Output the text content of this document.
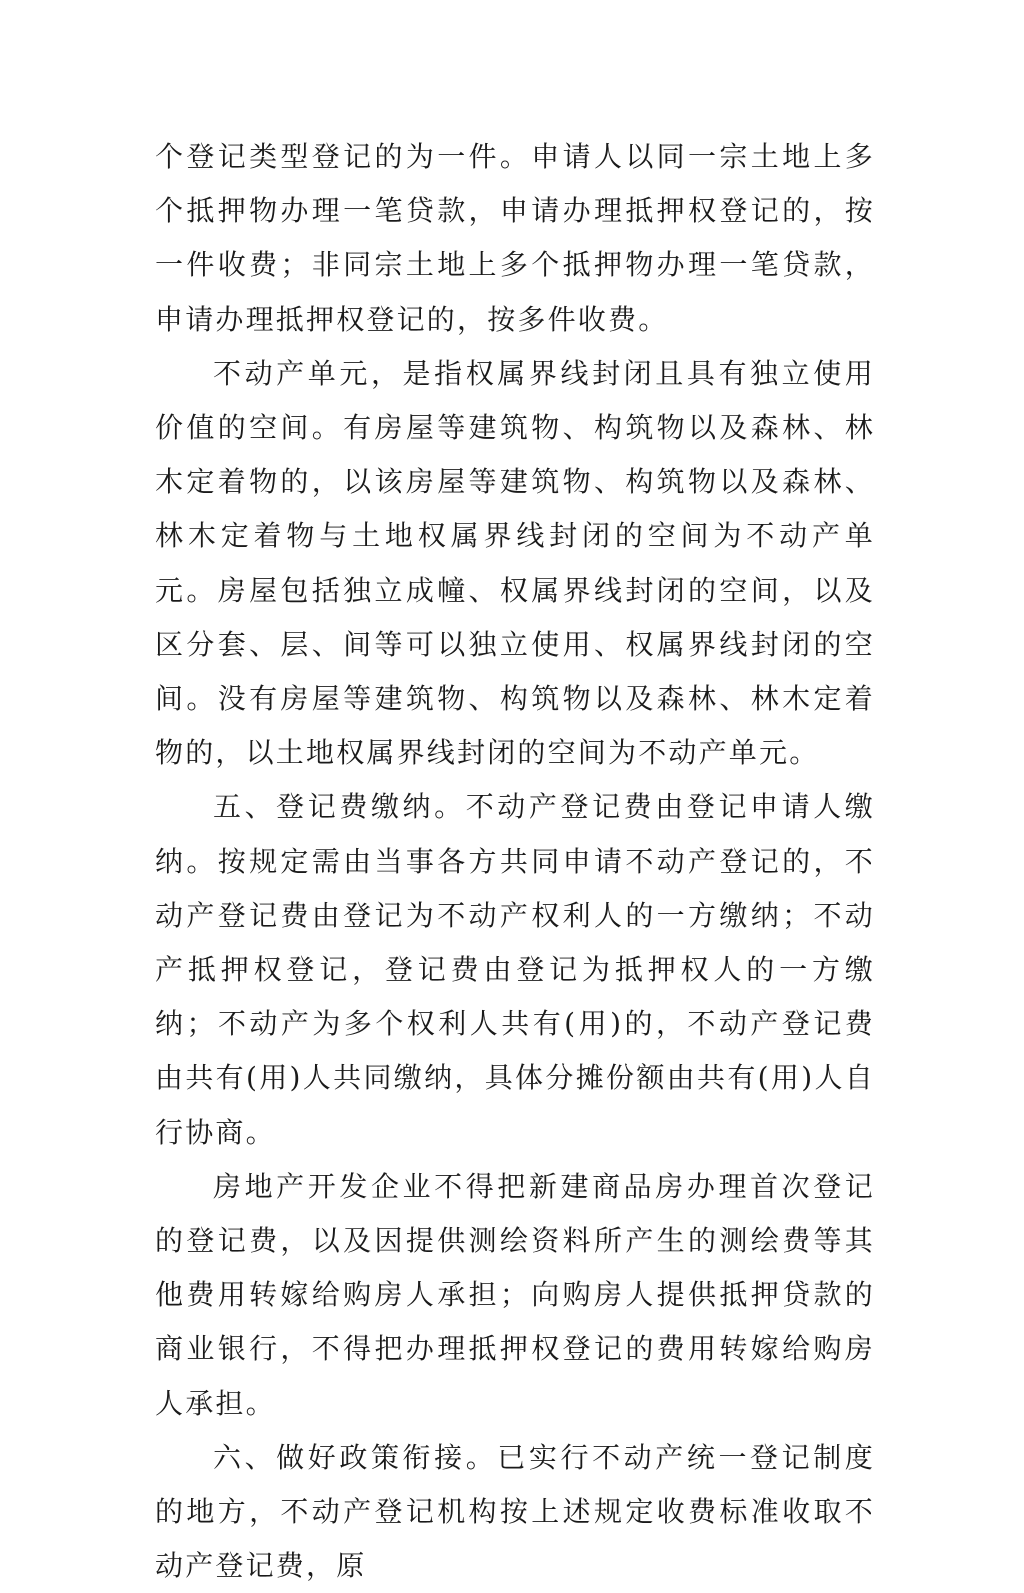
个登记类型登记的为一件。申请人以同一宗土地上多个抵押物办理一笔贷款，申请办理抵押权登记的，按一件收费；非同宗土地上多个抵押物办理一笔贷款，申请办理抵押权登记的，按多件收费。

不动产单元，是指权属界线封闭且具有独立使用价值的空间。有房屋等建筑物、构筑物以及森林、林木定着物的，以该房屋等建筑物、构筑物以及森林、林木定着物与土地权属界线封闭的空间为不动产单元。房屋包括独立成幢、权属界线封闭的空间，以及区分套、层、间等可以独立使用、权属界线封闭的空间。没有房屋等建筑物、构筑物以及森林、林木定着物的，以土地权属界线封闭的空间为不动产单元。

五、登记费缴纳。不动产登记费由登记申请人缴纳。按规定需由当事各方共同申请不动产登记的，不动产登记费由登记为不动产权利人的一方缴纳；不动产抵押权登记，登记费由登记为抵押权人的一方缴纳；不动产为多个权利人共有(用)的，不动产登记费由共有(用)人共同缴纳，具体分摊份额由共有(用)人自行协商。

房地产开发企业不得把新建商品房办理首次登记的登记费，以及因提供测绘资料所产生的测绘费等其他费用转嫁给购房人承担；向购房人提供抵押贷款的商业银行，不得把办理抵押权登记的费用转嫁给购房人承担。

六、做好政策衔接。已实行不动产统一登记制度的地方，不动产登记机构按上述规定收费标准收取不动产登记费，原
